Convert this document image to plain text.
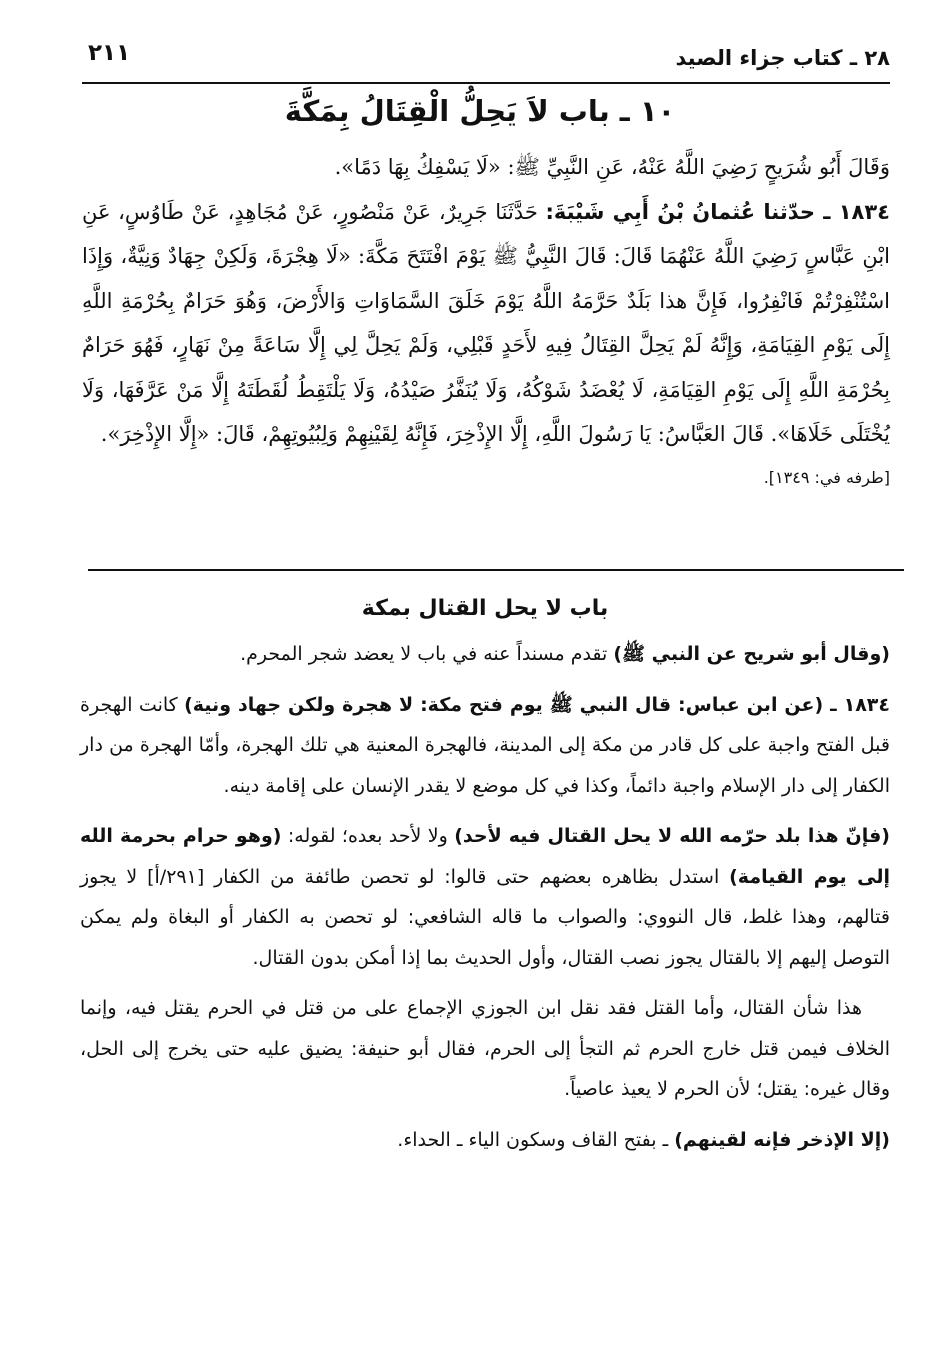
٢٨ ـ كتاب جزاء الصيد
٢١١
١٠ ـ باب لاَ يَحِلُّ الْقِتَالُ بِمَكَّةَ

وَقَالَ أَبُو شُرَيحٍ رَضِيَ اللَّهُ عَنْهُ، عَنِ النَّبِيِّ ﷺ: «لَا يَسْفِكُ بِهَا دَمًا».

١٨٣٤ ـ حدّثنا عُثمانُ بْنُ أَبِي شَيْبَةَ: حَدَّثَنَا جَرِيرٌ، عَنْ مَنْصُورٍ، عَنْ مُجَاهِدٍ، عَنْ طَاوُسٍ، عَنِ ابْنِ عَبَّاسٍ رَضِيَ اللَّهُ عَنْهُمَا قَالَ: قَالَ النَّبِيُّ ﷺ يَوْمَ افْتَتَحَ مَكَّةَ: «لَا هِجْرَةَ، وَلَكِنْ جِهَادٌ وَنِيَّةٌ، وَإِذَا اسْتُنْفِرْتُمْ فَانْفِرُوا، فَإِنَّ هذا بَلَدٌ حَرَّمَهُ اللَّهُ يَوْمَ خَلَقَ السَّمَاوَاتِ وَالأَرْضَ، وَهُوَ حَرَامٌ بِحُرْمَةِ اللَّهِ إِلَى يَوْمِ القِيَامَةِ، وَإِنَّهُ لَمْ يَحِلَّ القِتَالُ فِيهِ لأَحَدٍ قَبْلِي، وَلَمْ يَحِلَّ لِي إِلَّا سَاعَةً مِنْ نَهَارٍ، فَهُوَ حَرَامٌ بِحُرْمَةِ اللَّهِ إِلَى يَوْمِ القِيَامَةِ، لَا يُعْضَدُ شَوْكُهُ، وَلَا يُنَفَّرُ صَيْدُهُ، وَلَا يَلْتَقِطُ لُقَطَتَهُ إِلَّا مَنْ عَرَّفَهَا، وَلَا يُخْتَلَى خَلَاهَا». قَالَ العَبَّاسُ: يَا رَسُولَ اللَّهِ، إِلَّا الإِذْخِرَ، فَإِنَّهُ لِقَيْنِهِمْ وَلِبُيُوتِهِمْ، قَالَ: «إِلَّا الإِذْخِرَ».

[طرفه في: ١٣٤٩].

باب لا يحل القتال بمكة

(وقال أبو شريح عن النبي ﷺ) تقدم مسنداً عنه في باب لا يعضد شجر المحرم.

١٨٣٤ ـ (عن ابن عباس: قال النبي ﷺ يوم فتح مكة: لا هجرة ولكن جهاد ونية) كانت الهجرة قبل الفتح واجبة على كل قادر من مكة إلى المدينة، فالهجرة المعنية هي تلك الهجرة، وأمّا الهجرة من دار الكفار إلى دار الإسلام واجبة دائماً، وكذا في كل موضع لا يقدر الإنسان على إقامة دينه.

(فإنّ هذا بلد حرّمه الله لا يحل القتال فيه لأحد) ولا لأحد بعده؛ لقوله: (وهو حرام بحرمة الله إلى يوم القيامة) استدل بظاهره بعضهم حتى قالوا: لو تحصن طائفة من الكفار [٢٩١/أ] لا يجوز قتالهم، وهذا غلط، قال النووي: والصواب ما قاله الشافعي: لو تحصن به الكفار أو البغاة ولم يمكن التوصل إليهم إلا بالقتال يجوز نصب القتال، وأول الحديث بما إذا أمكن بدون القتال.

هذا شأن القتال، وأما القتل فقد نقل ابن الجوزي الإجماع على من قتل في الحرم يقتل فيه، وإنما الخلاف فيمن قتل خارج الحرم ثم التجأ إلى الحرم، فقال أبو حنيفة: يضيق عليه حتى يخرج إلى الحل، وقال غيره: يقتل؛ لأن الحرم لا يعيذ عاصياً.

(إلا الإذخر فإنه لقينهم) ـ بفتح القاف وسكون الياء ـ الحداء.
